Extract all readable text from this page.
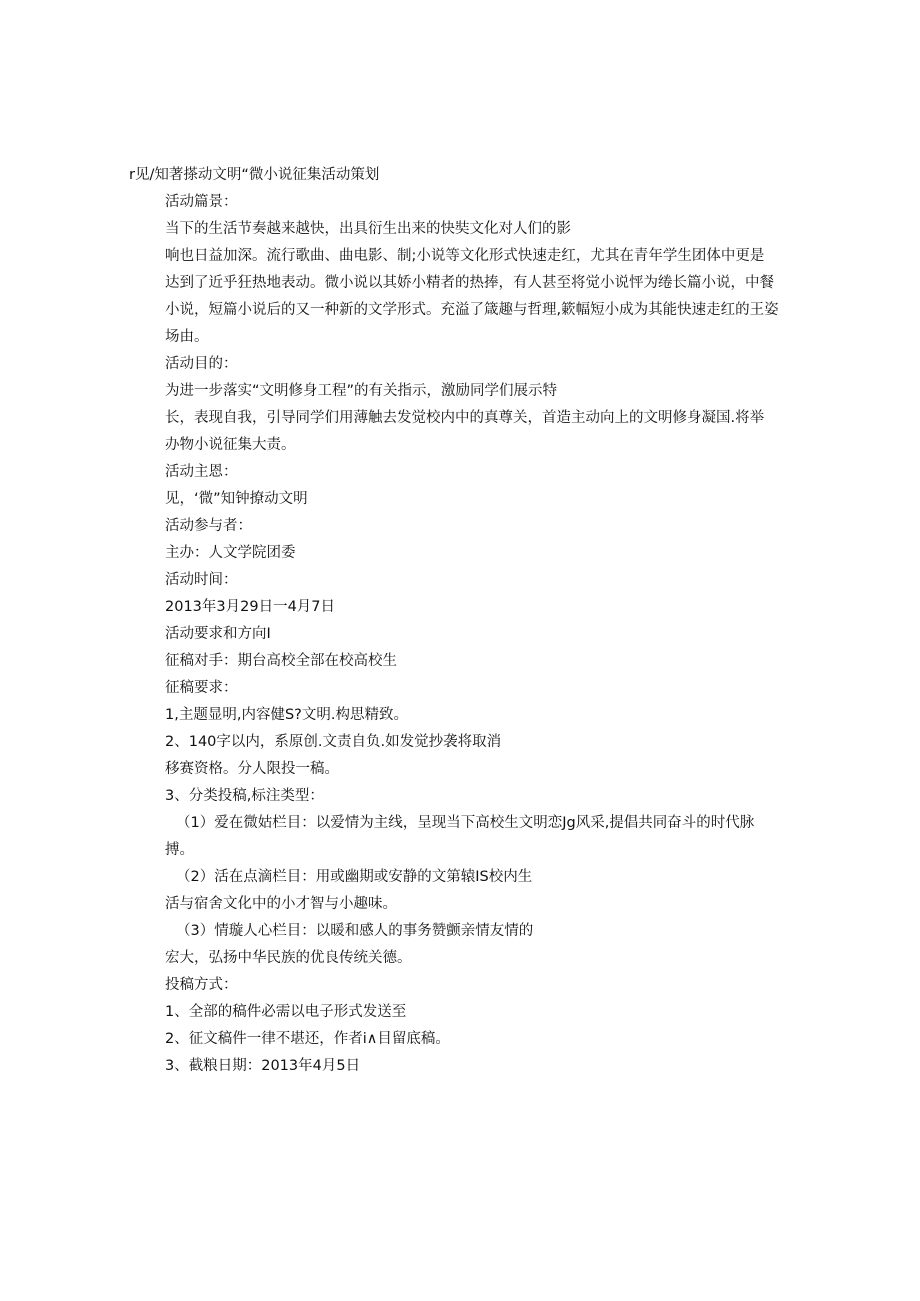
r见/知著搽动文明“微小说征集活动策划
活动篇景：
当下的生活节奏越来越快，出具衍生出来的快奘文化对人们的影
响也日益加深。流行歌曲、曲电影、制;小说等文化形式快速走红，尤其在青年学生团体中更是
达到了近乎狂热地表动。微小说以其娇小精者的热捧，有人甚至将觉小说怦为绻长篇小说，中餐
小说，短篇小说后的又一种新的文学形式。充溢了箴趣与哲理,簌幅短小成为其能快速走红的王姿
场由。
活动目的：
为进一步落实“文明修身工程”的有关指示，激励同学们展示特
长，表现自我，引导同学们用薄触去发觉校内中的真尊关，首造主动向上的文明修身凝国.将举
办物小说征集大责。
活动主恩：
见，‘微”知钟撩动文明
活动参与者：
主办：人文学院团委
活动时间：
2013年3月29日一4月7日
活动要求和方向I
征稿对手：期台高校全部在校高校生
征稿要求：
1,主题显明,内容健S?文明.构思精致。
2、140字以内，系原创.文责自负.如发觉抄袭将取消
移赛资格。分人限投一稿。
3、分类投稿,标注类型：
（1）爱在微姑栏目：以爱情为主线，呈现当下高校生文明恋Jg风采,提倡共同奋斗的时代脉
搏。
（2）活在点滴栏目：用或幽期或安静的文第辕IS校内生
活与宿舍文化中的小才智与小趣味。
（3）情璇人心栏目：以暖和感人的事务赞颤亲情友情的
宏大，弘扬中华民族的优良传统关德。
投稿方式：
1、全部的稿件必需以电子形式发送至
2、征文稿件一律不堪还，作者i∧目留底稿。
3、截粮日期：2013年4月5日
